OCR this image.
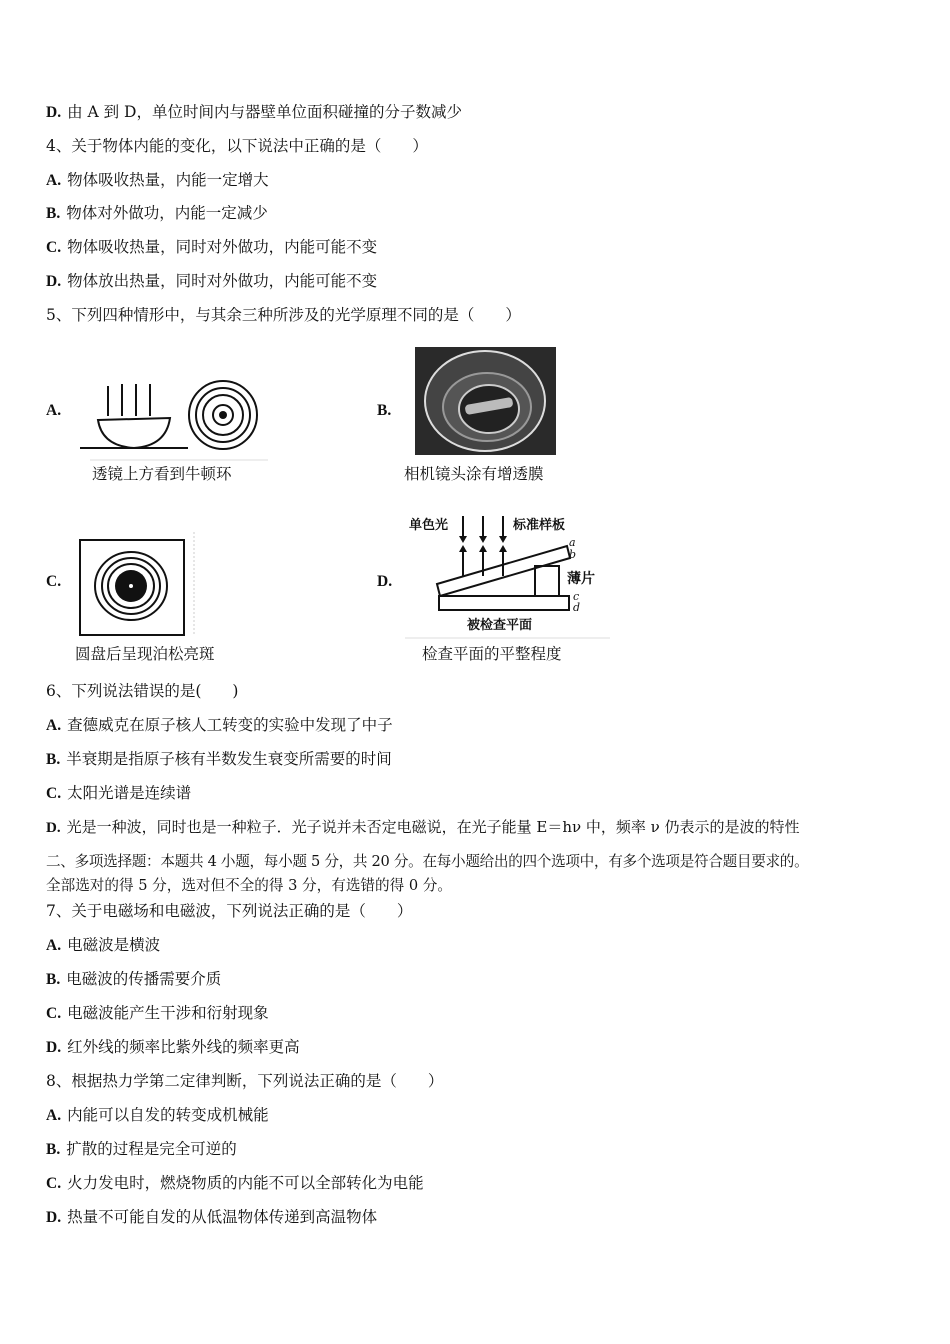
D. 由 A 到 D，单位时间内与器壁单位面积碰撞的分子数减少
4、关于物体内能的变化，以下说法中正确的是（　　）
A. 物体吸收热量，内能一定增大
B. 物体对外做功，内能一定减少
C. 物体吸收热量，同时对外做功，内能可能不变
D. 物体放出热量，同时对外做功，内能可能不变
5、下列四种情形中，与其余三种所涉及的光学原理不同的是（　　）
A.
透镜上方看到牛顿环
B.
相机镜头涂有增透膜
C.
圆盘后呈现泊松亮斑
D.
单色光	标准样板
薄片
被检查平面
a
b
c
d
检查平面的平整程度
6、下列说法错误的是(　　)
A. 查德威克在原子核人工转变的实验中发现了中子
B. 半衰期是指原子核有半数发生衰变所需要的时间
C. 太阳光谱是连续谱
D. 光是一种波，同时也是一种粒子．光子说并未否定电磁说，在光子能量 E＝hν 中，频率 ν 仍表示的是波的特性
二、多项选择题：本题共 4 小题，每小题 5 分，共 20 分。在每小题给出的四个选项中，有多个选项是符合题目要求的。
全部选对的得 5 分，选对但不全的得 3 分，有选错的得 0 分。
7、关于电磁场和电磁波，下列说法正确的是（　　）
A. 电磁波是横波
B. 电磁波的传播需要介质
C. 电磁波能产生干涉和衍射现象
D. 红外线的频率比紫外线的频率更高
8、根据热力学第二定律判断，下列说法正确的是（　　）
A. 内能可以自发的转变成机械能
B. 扩散的过程是完全可逆的
C. 火力发电时，燃烧物质的内能不可以全部转化为电能
D. 热量不可能自发的从低温物体传递到高温物体
